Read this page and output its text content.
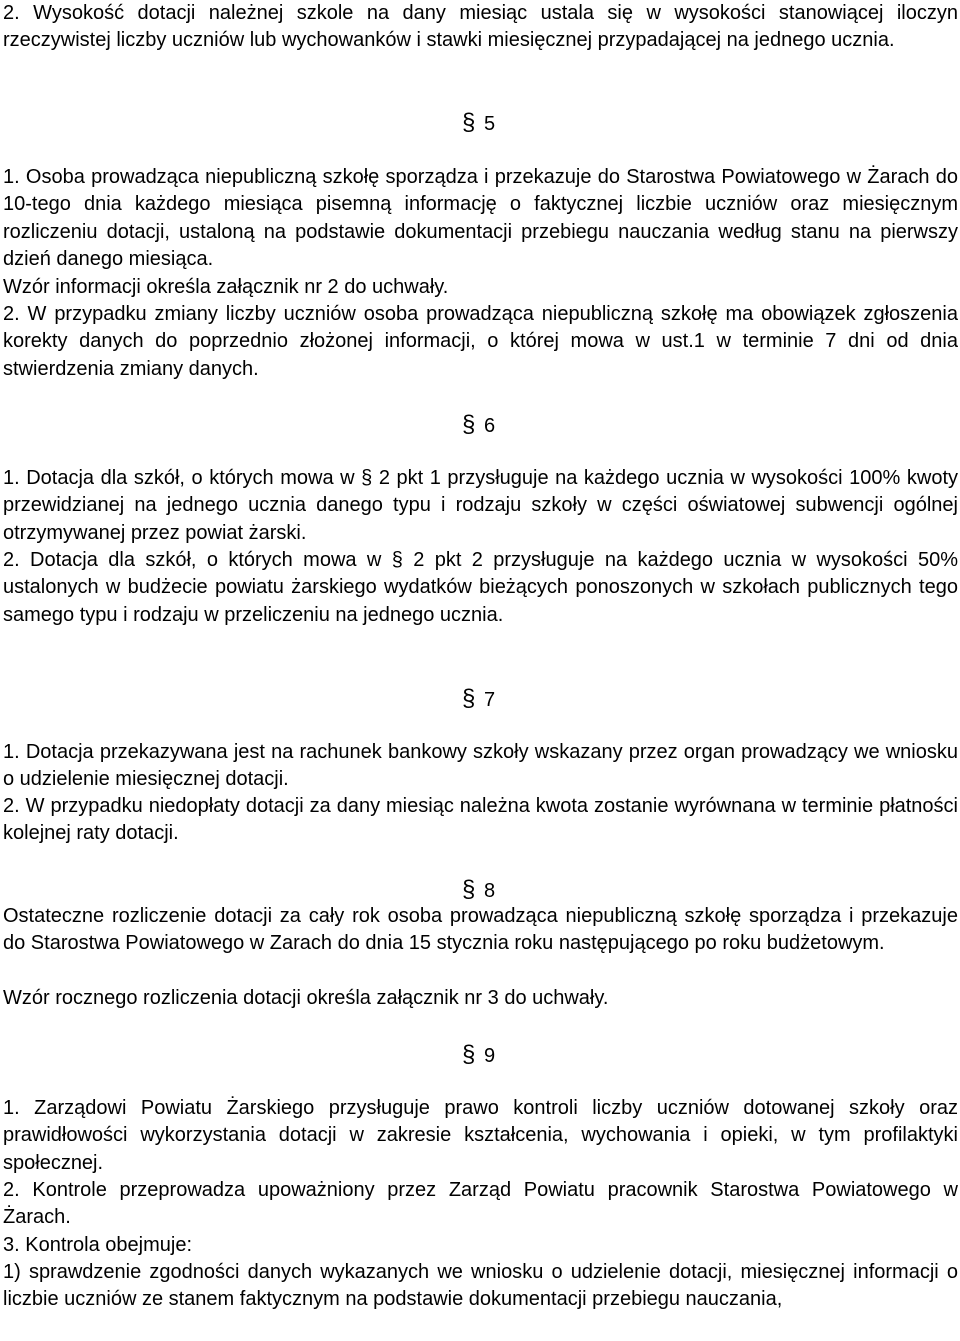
2. Wysokość dotacji należnej szkole na dany miesiąc ustala się w wysokości stanowiącej iloczyn rzeczywistej liczby uczniów lub wychowanków i stawki miesięcznej przypadającej na jednego ucznia.

§ 5

1. Osoba prowadząca niepubliczną szkołę sporządza i przekazuje do Starostwa Powiatowego w Żarach do 10-tego dnia każdego miesiąca pisemną informację o faktycznej liczbie uczniów oraz miesięcznym rozliczeniu dotacji, ustaloną na podstawie dokumentacji przebiegu nauczania według stanu na pierwszy dzień danego miesiąca.

Wzór informacji określa załącznik nr 2 do uchwały.

2. W przypadku zmiany liczby uczniów osoba prowadząca niepubliczną szkołę ma obowiązek zgłoszenia korekty danych do poprzednio złożonej informacji, o której mowa w ust.1 w terminie 7 dni od dnia stwierdzenia zmiany danych.

§ 6

1. Dotacja dla szkół, o których mowa w § 2 pkt 1 przysługuje na każdego ucznia w wysokości 100% kwoty przewidzianej na jednego ucznia danego typu i rodzaju szkoły w części oświatowej subwencji ogólnej otrzymywanej przez powiat żarski.

2. Dotacja dla szkół, o których mowa w § 2 pkt 2 przysługuje na każdego ucznia w wysokości 50% ustalonych w budżecie powiatu żarskiego wydatków bieżących ponoszonych w szkołach publicznych tego samego typu i rodzaju w przeliczeniu na jednego ucznia.

§ 7

1. Dotacja przekazywana jest na rachunek bankowy szkoły wskazany przez organ prowadzący we wniosku o udzielenie miesięcznej dotacji.

2. W przypadku niedopłaty dotacji za dany miesiąc należna kwota zostanie wyrównana w terminie płatności kolejnej raty dotacji.

§ 8

Ostateczne rozliczenie dotacji za cały rok osoba prowadząca niepubliczną szkołę sporządza i przekazuje do Starostwa Powiatowego w Zarach do dnia 15 stycznia roku następującego po roku budżetowym.

Wzór rocznego rozliczenia dotacji określa załącznik nr 3 do uchwały.

§ 9

1. Zarządowi Powiatu Żarskiego przysługuje prawo kontroli liczby uczniów dotowanej szkoły oraz prawidłowości wykorzystania dotacji w zakresie kształcenia, wychowania i opieki, w tym profilaktyki społecznej.

2. Kontrole przeprowadza upoważniony przez Zarząd Powiatu pracownik Starostwa Powiatowego w Żarach.

3. Kontrola obejmuje:

1) sprawdzenie zgodności danych wykazanych we wniosku o udzielenie dotacji, miesięcznej informacji o liczbie uczniów ze stanem faktycznym na podstawie dokumentacji przebiegu nauczania,
